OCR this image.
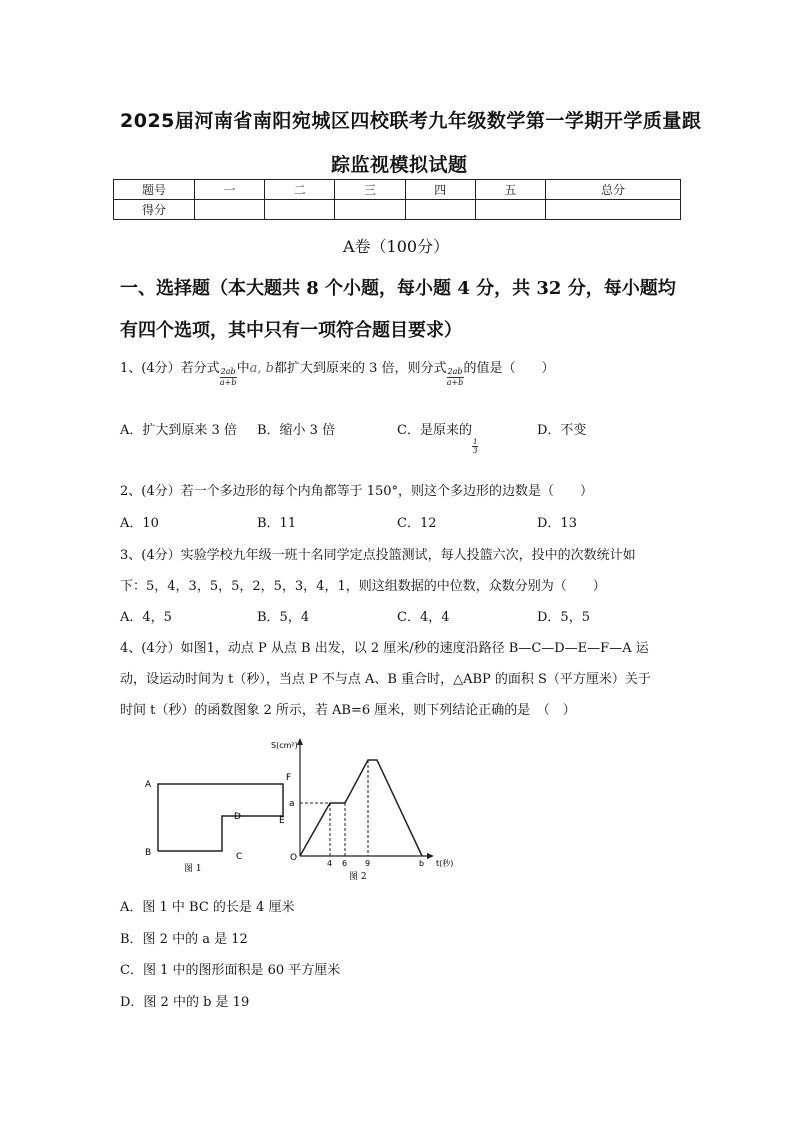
2025届河南省南阳宛城区四校联考九年级数学第一学期开学质量跟
踪监视模拟试题
题号	一	二	三	四	五	总分
得分						
A卷（100分）
一、选择题（本大题共 8 个小题，每小题 4 分，共 32 分，每小题均
有四个选项，其中只有一项符合题目要求）
1、(4分）若分式 $\frac{2ab}{a+b}$ 中a, b都扩大到原来的 3 倍，则分式 $\frac{2ab}{a+b}$ 的值是（　　）
A．扩大到原来 3 倍 B．缩小 3 倍	C．是原来的
$\frac{1}{3}$
D．不变
2、(4分）若一个多边形的每个内角都等于 150°，则这个多边形的边数是（　　）
A．10	B．11	C．12	D．13
3、(4分）实验学校九年级一班十名同学定点投篮测试，每人投篮六次，投中的次数统计如
下：5，4，3，5，5，2，5，3，4，1，则这组数据的中位数，众数分别为（　　）
A．4，5	B．5，4	C．4，4	D．5，5
4、(4分）如图1，动点 P 从点 B 出发，以 2 厘米/秒的速度沿路径 B—C—D—E—F—A 运
动，设运动时间为 t（秒），当点 P 不与点 A、B 重合时，△ABP 的面积 S（平方厘米）关于
时间 t（秒）的函数图象 2 所示，若 AB=6 厘米，则下列结论正确的是　（　）
A
B	C
D	E
F
图 1
S(cm²)
a
O
4 6 9	b t(秒)
图 2
A．图 1 中 BC 的长是 4 厘米
B．图 2 中的 a 是 12
C．图 1 中的图形面积是 60 平方厘米
D．图 2 中的 b 是 19
